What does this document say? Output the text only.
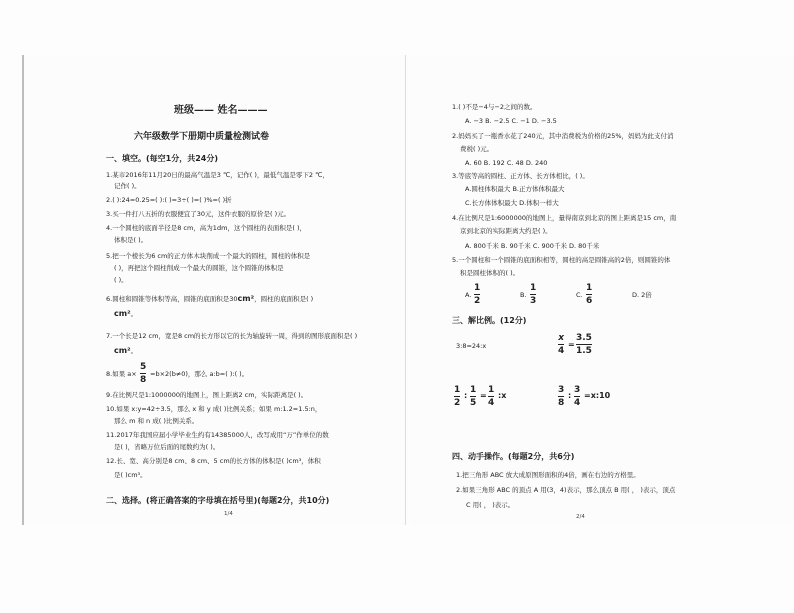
班级—— 姓名———
六年级数学下册期中质量检测试卷
一、填空。(每空1分，共24分)
1.某市2016年11月20日的最高气温是3 ℃，记作( )，最低气温是零下2 ℃，
记作( )。
2.( ):24=0.25=( ):( )=3÷( )=( )%=( )折
3.买一件打八五折的衣服便宜了30元，这件衣服的原价是( )元。
4.一个圆柱的底面半径是8 cm，高为1dm，这个圆柱的表面积是( )，
体积是( )。
5.把一个棱长为6 cm的正方体木块削成一个最大的圆柱，圆柱的体积是
( )，再把这个圆柱削成一个最大的圆锥，这个圆锥的体积是
( )。
6.圆柱和圆锥等体积等高，圆锥的底面积是30cm²，圆柱的底面积是( )
cm²。
7.一个长是12 cm，宽是8 cm的长方形以它的长为轴旋转一周，得到的图形底面积是( )
cm²。
8.如果 a×
5
8
=b×2(b≠0)，那么 a:b=( ):( )。
9.在比例尺是1:1000000的地图上，图上距离2 cm，实际距离是( )。
10.如果 x:y=42÷3.5，那么 x 和 y 成( )比例关系；如果 m:1.2=1.5:n，
那么 m 和 n 成( )比例关系。
11.2017年我国应届小学毕业生约有14385000人，改写成用“万”作单位的数
是( )，省略万位后面的尾数约为( )。
12.长、宽、高分别是8 cm、8 cm、5 cm的长方体的体积是( )cm³，体积
是( )cm³。
二、选择。(将正确答案的字母填在括号里)(每题2分，共10分)
1/4
1.( )不是−4与−2之间的数。
A. −3 B. −2.5 C. −1 D. −3.5
2.妈妈买了一瓶香水花了240元，其中消费税为价格的25%，妈妈为此支付消
费税( )元。
A. 60 B. 192 C. 48 D. 240
3.等底等高的圆柱、正方体、长方体相比，( )。
A.圆柱体积最大 B.正方体体积最大
C.长方体体积最大 D.体积一样大
4.在比例尺是1:6000000的地图上，量得南京到北京的图上距离是15 cm，南
京到北京的实际距离大约是( )。
A. 800千米 B. 90千米 C. 900千米 D. 80千米
5.一个圆柱和一个圆锥的底面积相等，圆柱的高是圆锥高的2倍，则圆锥的体
积是圆柱体积的( )。
A.
1
2
B.
1
3
C.
1
6
D. 2倍
三、解比例。(12分)
3:8=24:x
x
4
=
3.5
1.5
1
2
:
1
5
=
1
4
:x
3
8
:
3
4
=x:10
四、动手操作。(每题2分，共6分)
1.把三角形 ABC 放大成原图形面积的4倍，画在右边的方格里。
2.如果三角形 ABC 的顶点 A 用(3，4)表示，那么顶点 B 用( ， )表示，顶点
C 用( ， )表示。
2/4
